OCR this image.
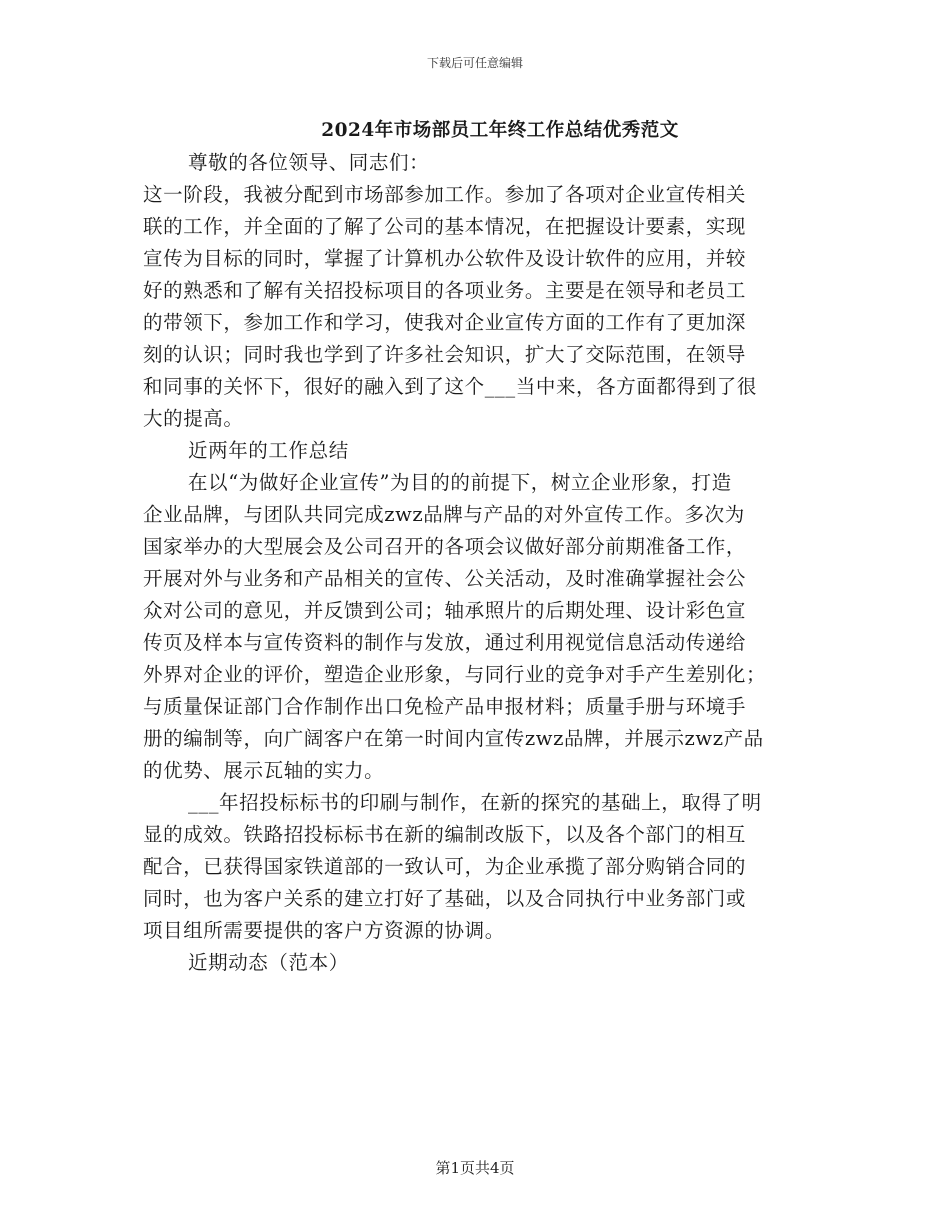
下载后可任意编辑
2024年市场部员工年终工作总结优秀范文
尊敬的各位领导、同志们：
这一阶段，我被分配到市场部参加工作。参加了各项对企业宣传相关
联的工作，并全面的了解了公司的基本情况，在把握设计要素，实现
宣传为目标的同时，掌握了计算机办公软件及设计软件的应用，并较
好的熟悉和了解有关招投标项目的各项业务。主要是在领导和老员工
的带领下，参加工作和学习，使我对企业宣传方面的工作有了更加深
刻的认识；同时我也学到了许多社会知识，扩大了交际范围，在领导
和同事的关怀下，很好的融入到了这个___当中来，各方面都得到了很
大的提高。
近两年的工作总结
在以“为做好企业宣传”为目的的前提下，树立企业形象，打造
企业品牌，与团队共同完成zwz品牌与产品的对外宣传工作。多次为
国家举办的大型展会及公司召开的各项会议做好部分前期准备工作，
开展对外与业务和产品相关的宣传、公关活动，及时准确掌握社会公
众对公司的意见，并反馈到公司；轴承照片的后期处理、设计彩色宣
传页及样本与宣传资料的制作与发放，通过利用视觉信息活动传递给
外界对企业的评价，塑造企业形象，与同行业的竞争对手产生差别化；
与质量保证部门合作制作出口免检产品申报材料；质量手册与环境手
册的编制等，向广阔客户在第一时间内宣传zwz品牌，并展示zwz产品
的优势、展示瓦轴的实力。
___年招投标标书的印刷与制作，在新的探究的基础上，取得了明
显的成效。铁路招投标标书在新的编制改版下，以及各个部门的相互
配合，已获得国家铁道部的一致认可，为企业承揽了部分购销合同的
同时，也为客户关系的建立打好了基础，以及合同执行中业务部门或
项目组所需要提供的客户方资源的协调。
近期动态（范本）
第1页共4页
